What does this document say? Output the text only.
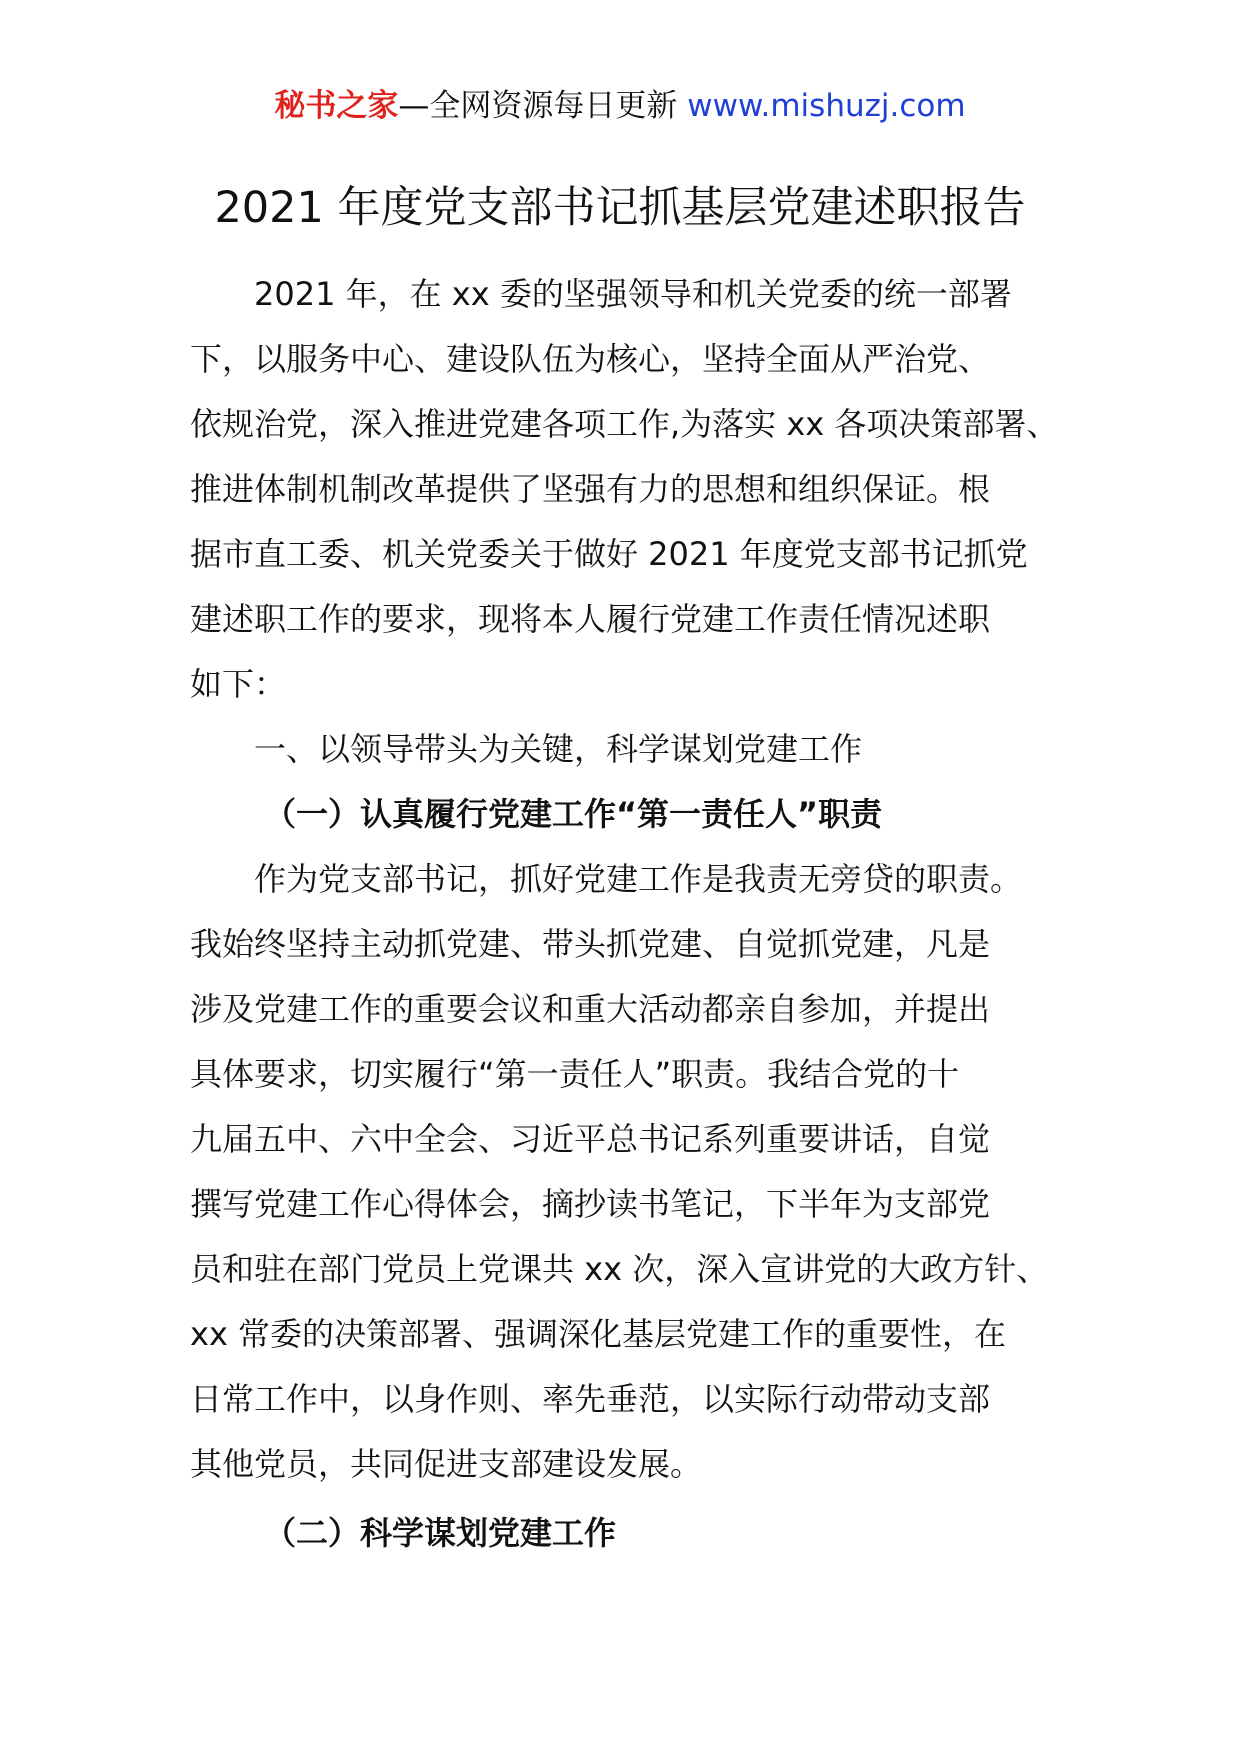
秘书之家—全网资源每日更新 www.mishuzj.com
2021 年度党支部书记抓基层党建述职报告
2021 年，在 xx 委的坚强领导和机关党委的统一部署
下，以服务中心、建设队伍为核心，坚持全面从严治党、
依规治党，深入推进党建各项工作,为落实 xx 各项决策部署、
推进体制机制改革提供了坚强有力的思想和组织保证。根
据市直工委、机关党委关于做好 2021 年度党支部书记抓党
建述职工作的要求，现将本人履行党建工作责任情况述职
如下：
一、以领导带头为关键，科学谋划党建工作
（一）认真履行党建工作“第一责任人”职责
作为党支部书记，抓好党建工作是我责无旁贷的职责。
我始终坚持主动抓党建、带头抓党建、自觉抓党建，凡是
涉及党建工作的重要会议和重大活动都亲自参加，并提出
具体要求，切实履行“第一责任人”职责。我结合党的十
九届五中、六中全会、习近平总书记系列重要讲话，自觉
撰写党建工作心得体会，摘抄读书笔记，下半年为支部党
员和驻在部门党员上党课共 xx 次，深入宣讲党的大政方针、
xx 常委的决策部署、强调深化基层党建工作的重要性，在
日常工作中，以身作则、率先垂范，以实际行动带动支部
其他党员，共同促进支部建设发展。
（二）科学谋划党建工作
